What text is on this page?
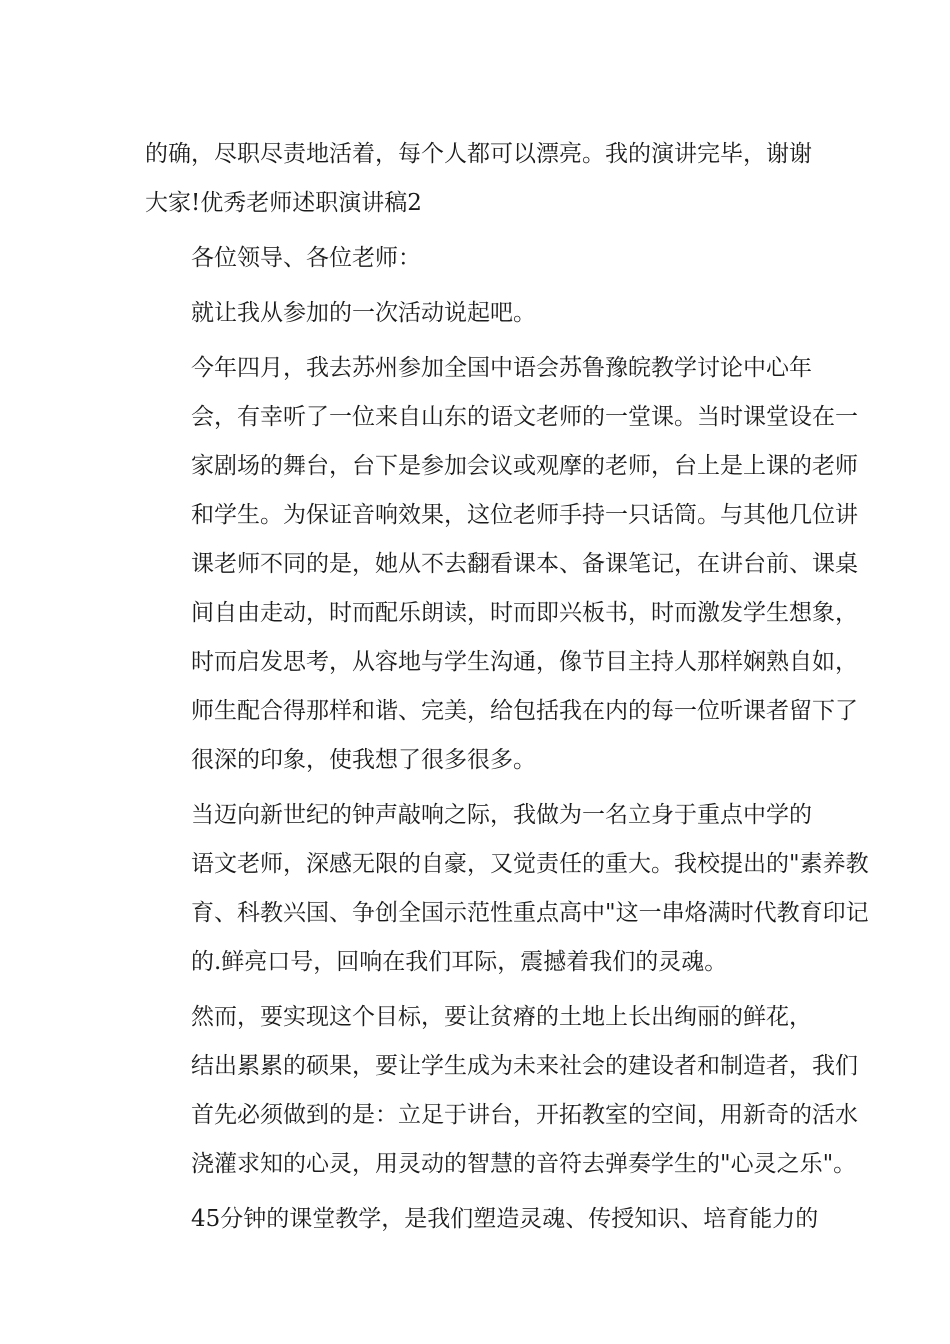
的确，尽职尽责地活着，每个人都可以漂亮。我的演讲完毕，谢谢
大家!优秀老师述职演讲稿2

各位领导、各位老师：

就让我从参加的一次活动说起吧。

今年四月，我去苏州参加全国中语会苏鲁豫皖教学讨论中心年
会，有幸听了一位来自山东的语文老师的一堂课。当时课堂设在一
家剧场的舞台，台下是参加会议或观摩的老师，台上是上课的老师
和学生。为保证音响效果，这位老师手持一只话筒。与其他几位讲
课老师不同的是，她从不去翻看课本、备课笔记，在讲台前、课桌
间自由走动，时而配乐朗读，时而即兴板书，时而激发学生想象，
时而启发思考，从容地与学生沟通，像节目主持人那样娴熟自如，
师生配合得那样和谐、完美，给包括我在内的每一位听课者留下了
很深的印象，使我想了很多很多。

当迈向新世纪的钟声敲响之际，我做为一名立身于重点中学的
语文老师，深感无限的自豪，又觉责任的重大。我校提出的"素养教
育、科教兴国、争创全国示范性重点高中"这一串烙满时代教育印记
的.鲜亮口号，回响在我们耳际，震撼着我们的灵魂。

然而，要实现这个目标，要让贫瘠的土地上长出绚丽的鲜花，
结出累累的硕果，要让学生成为未来社会的建设者和制造者，我们
首先必须做到的是：立足于讲台，开拓教室的空间，用新奇的活水
浇灌求知的心灵，用灵动的智慧的音符去弹奏学生的"心灵之乐"。

45分钟的课堂教学，是我们塑造灵魂、传授知识、培育能力的
